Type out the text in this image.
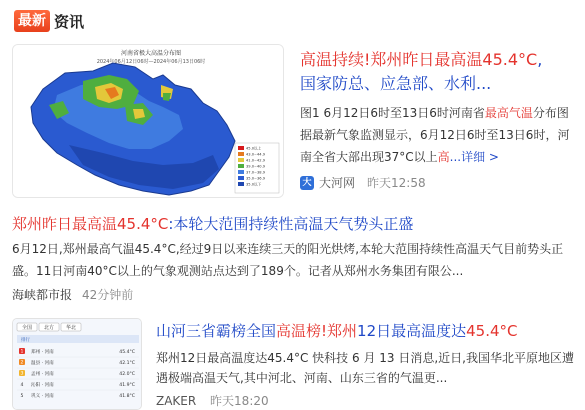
最新 资讯
河南省极大高温分布图
2024年06月12日06时—2024年06月13日06时
45.0以上
43.0~44.9
41.0~42.9
39.0~40.9
37.0~38.9
35.0~36.9
35.0以下
高温持续!郑州昨日最高温45.4°C,
国家防总、应急部、水利...
图1 6月12日6时至13日6时河南省最高气温分布图 据最新气象监测显示，6月12日6时至13日6时，河南全省大部出现37°C以上高...详细 >
大 大河网 昨天12:58
郑州昨日最高温45.4°C:本轮大范围持续性高温天气势头正盛
6月12日,郑州最高气温45.4°C,经过9日以来连续三天的阳光烘烤,本轮大范围持续性高温天气目前势头正盛。11日河南40°C以上的气象观测站点达到了189个。记者从郑州水务集团有限公...
海峡都市报 42分钟前
全国 北方 华北
排行
1 郑州 · 河南	45.4°C
2 温县 · 河南	42.1°C
3 孟州 · 河南	42.0°C
4 沁阳 · 河南	41.9°C
5 巩义 · 河南	41.8°C
山河三省霸榜全国高温榜!郑州12日最高温度达45.4°C
郑州12日最高温度达45.4°C 快科技 6 月 13 日消息,近日,我国华北平原地区遭遇极端高温天气,其中河北、河南、山东三省的气温更...
ZAKER 昨天18:20
